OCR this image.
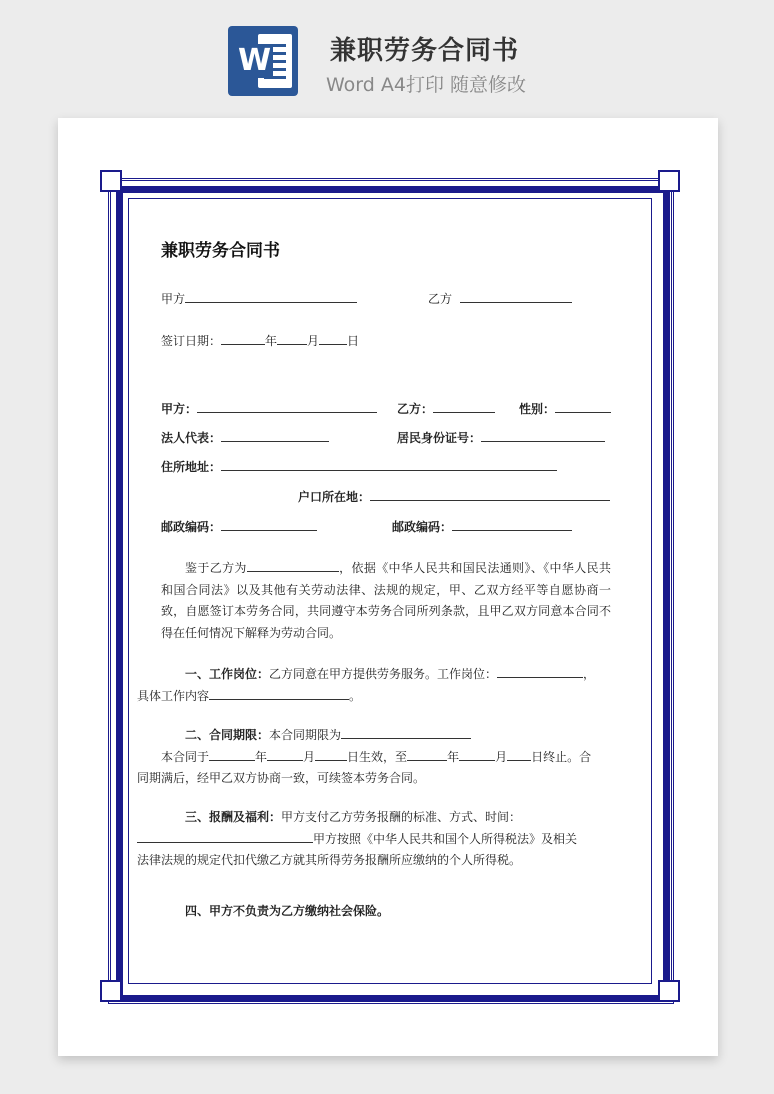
W 兼职劳务合同书
Word A4打印 随意修改
兼职劳务合同书
甲方	乙方
签订日期：	年	月 日
甲方：	乙方：	性别：
法人代表：	居民身份证号：
住所地址：
户口所在地：
邮政编码：	邮政编码：
鉴于乙方为	，依据《中华人民共和国民法通则》、《中华人民共和国合同法》以及其他有关劳动法律、法规的规定，甲、乙双方经平等自愿协商一致，自愿签订本劳务合同，共同遵守本劳务合同所列条款，且甲乙双方同意本合同不得在任何情况下解释为劳动合同。
一、工作岗位：乙方同意在甲方提供劳务服务。工作岗位：	，
具体工作内容	。
二、合同期限：本合同期限为
本合同于	年	月	日生效，至	年	月 日终止。合
同期满后，经甲乙双方协商一致，可续签本劳务合同。
三、报酬及福利：甲方支付乙方劳务报酬的标准、方式、时间：
甲方按照《中华人民共和国个人所得税法》及相关
法律法规的规定代扣代缴乙方就其所得劳务报酬所应缴纳的个人所得税。
四、甲方不负责为乙方缴纳社会保险。
